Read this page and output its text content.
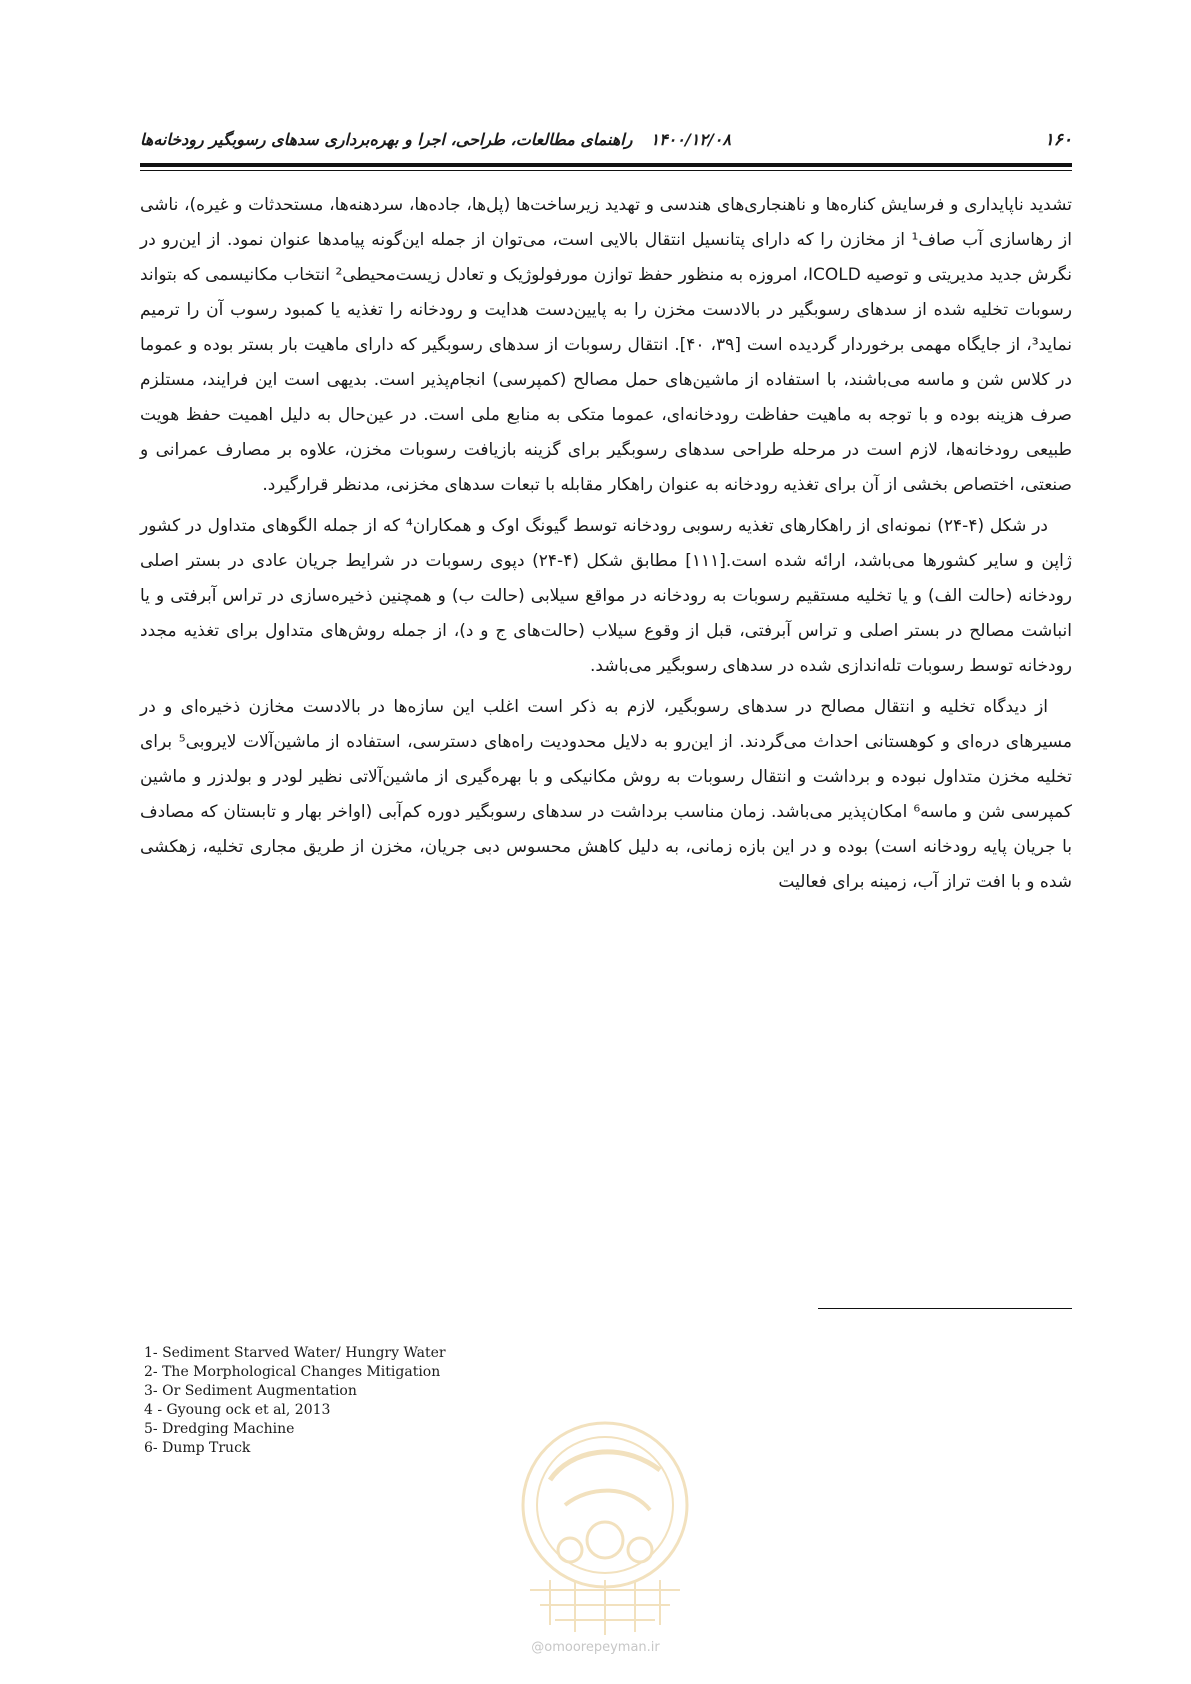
۱۶۰
۱۴۰۰/۱۲/۰۸راهنمای مطالعات، طراحی، اجرا و بهره‌برداری سدهای رسوبگیر رودخانه‌ها

تشدید ناپایداری و فرسایش کناره‌ها و ناهنجاری‌های هندسی و تهدید زیرساخت‌ها (پل‌ها، جاده‌ها، سردهنه‌ها، مستحدثات و غیره)، ناشی از رهاسازی آب صاف¹ از مخازن را که دارای پتانسیل انتقال بالایی است، می‌توان از جمله این‌گونه پیامدها عنوان نمود. از این‌رو در نگرش جدید مدیریتی و توصیه ICOLD، امروزه به منظور حفظ توازن مورفولوژیک و تعادل زیست‌محیطی² انتخاب مکانیسمی که بتواند رسوبات تخلیه شده از سدهای رسوبگیر در بالادست مخزن را به پایین‌دست هدایت و رودخانه را تغذیه یا کمبود رسوب آن را ترمیم نماید³، از جایگاه مهمی برخوردار گردیده است [۳۹، ۴۰]. انتقال رسوبات از سدهای رسوبگیر که دارای ماهیت بار بستر بوده و عموما در کلاس شن و ماسه می‌باشند، با استفاده از ماشین‌های حمل مصالح (کمپرسی) انجام‌پذیر است. بدیهی است این فرایند، مستلزم صرف هزینه بوده و با توجه به ماهیت حفاظت رودخانه‌ای، عموما متکی به منابع ملی است. در عین‌حال به دلیل اهمیت حفظ هویت طبیعی رودخانه‌ها، لازم است در مرحله طراحی سدهای رسوبگیر برای گزینه بازیافت رسوبات مخزن، علاوه بر مصارف عمرانی و صنعتی، اختصاص بخشی از آن برای تغذیه رودخانه به عنوان راهکار مقابله با تبعات سدهای مخزنی، مدنظر قرارگیرد.

در شکل (۴-۲۴) نمونه‌ای از راهکارهای تغذیه رسوبی رودخانه توسط گیونگ اوک و همکاران⁴ که از جمله الگوهای متداول در کشور ژاپن و سایر کشورها می‌باشد، ارائه شده است.[۱۱۱] مطابق شکل (۴-۲۴) دپوی رسوبات در شرایط جریان عادی در بستر اصلی رودخانه (حالت الف) و یا تخلیه مستقیم رسوبات به رودخانه در مواقع سیلابی (حالت ب) و همچنین ذخیره‌سازی در تراس آبرفتی و یا انباشت مصالح در بستر اصلی و تراس آبرفتی، قبل از وقوع سیلاب (حالت‌های ج و د)، از جمله روش‌های متداول برای تغذیه مجدد رودخانه توسط رسوبات تله‌اندازی شده در سدهای رسوبگیر می‌باشد.

از دیدگاه تخلیه و انتقال مصالح در سدهای رسوبگیر، لازم به ذکر است اغلب این سازه‌ها در بالادست مخازن ذخیره‌ای و در مسیرهای دره‌ای و کوهستانی احداث می‌گردند. از این‌رو به دلایل محدودیت راه‌های دسترسی، استفاده از ماشین‌آلات لایروبی⁵ برای تخلیه مخزن متداول نبوده و برداشت و انتقال رسوبات به روش مکانیکی و با بهره‌گیری از ماشین‌آلاتی نظیر لودر و بولدزر و ماشین کمپرسی شن و ماسه⁶ امکان‌پذیر می‌باشد. زمان مناسب برداشت در سدهای رسوبگیر دوره کم‌آبی (اواخر بهار و تابستان که مصادف با جریان پایه رودخانه است) بوده و در این بازه زمانی، به دلیل کاهش محسوس دبی جریان، مخزن از طریق مجاری تخلیه، زهکشی شده و با افت تراز آب، زمینه برای فعالیت

1- Sediment Starved Water/ Hungry Water
2- The Morphological Changes Mitigation
3- Or Sediment Augmentation
4 - Gyoung ock et al, 2013
5- Dredging Machine
6- Dump Truck
@omoorepeyman.ir
